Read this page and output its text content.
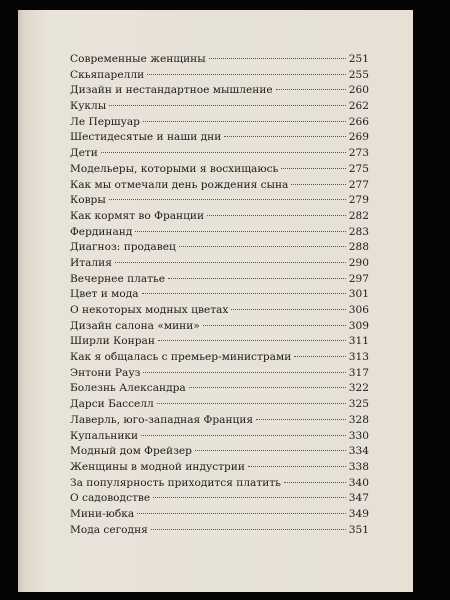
Современные женщины	251
Скьяпарелли	255
Дизайн и нестандартное мышление	260
Куклы	262
Ле Першуар	266
Шестидесятые и наши дни	269
Дети	273
Модельеры, которыми я восхищаюсь	275
Как мы отмечали день рождения сына	277
Ковры	279
Как кормят во Франции	282
Фердинанд	283
Диагноз: продавец	288
Италия	290
Вечернее платье	297
Цвет и мода	301
О некоторых модных цветах	306
Дизайн салона «мини»	309
Ширли Конран	311
Как я общалась с премьер-министрами	313
Энтони Рауз	317
Болезнь Александра	322
Дарси Басселл	325
Лаверль, юго-западная Франция	328
Купальники	330
Модный дом Фрейзер	334
Женщины в модной индустрии	338
За популярность приходится платить	340
О садоводстве	347
Мини-юбка	349
Мода сегодня	351
